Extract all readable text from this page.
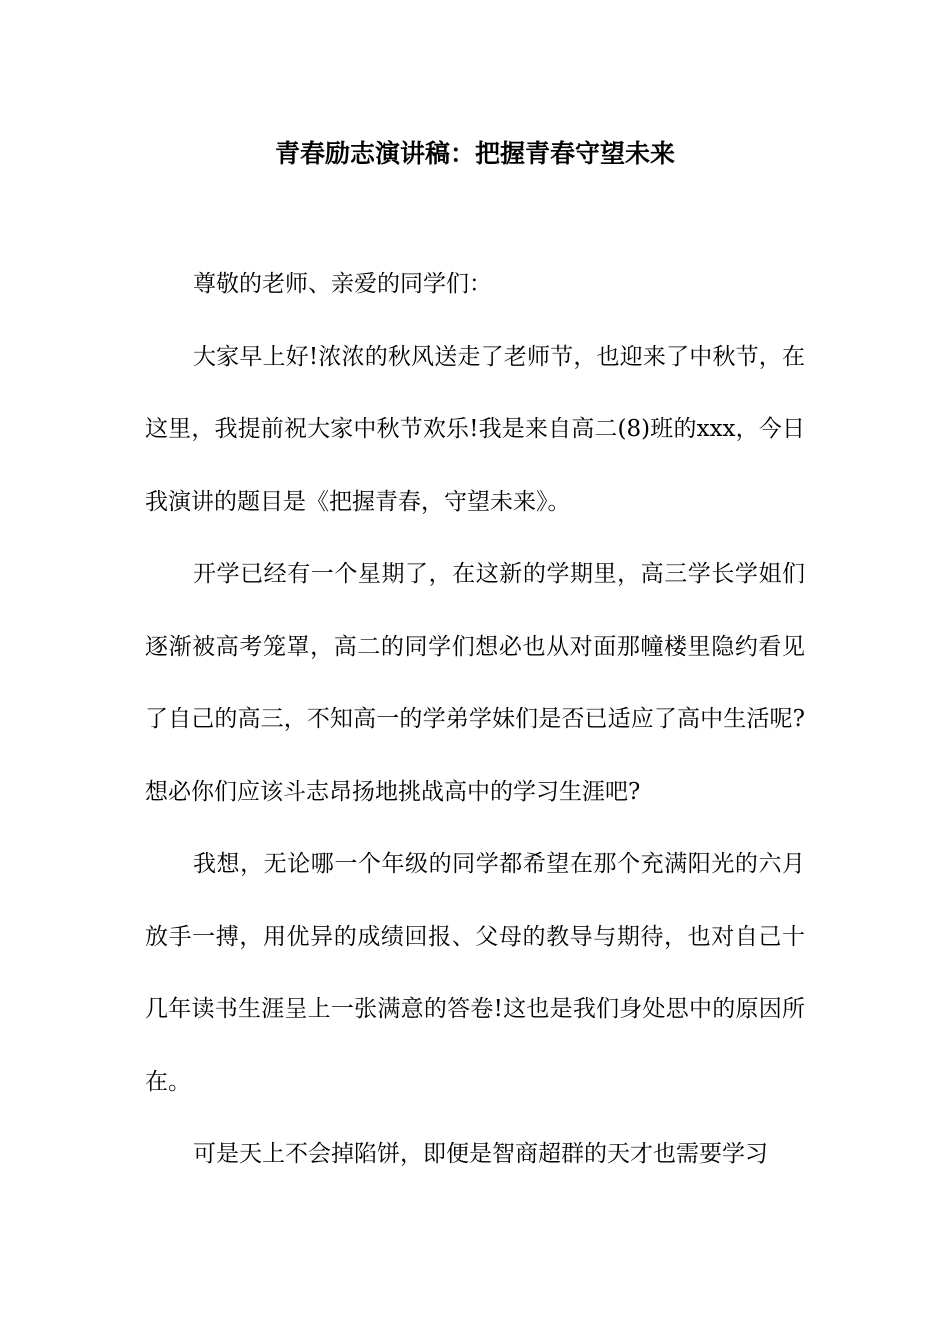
青春励志演讲稿：把握青春守望未来

尊敬的老师、亲爱的同学们：

大家早上好!浓浓的秋风送走了老师节，也迎来了中秋节，在这里，我提前祝大家中秋节欢乐!我是来自高二(8)班的xxx，今日我演讲的题目是《把握青春，守望未来》。

开学已经有一个星期了，在这新的学期里，高三学长学姐们逐渐被高考笼罩，高二的同学们想必也从对面那幢楼里隐约看见了自己的高三，不知高一的学弟学妹们是否已适应了高中生活呢?想必你们应该斗志昂扬地挑战高中的学习生涯吧?

我想，无论哪一个年级的同学都希望在那个充满阳光的六月放手一搏，用优异的成绩回报、父母的教导与期待，也对自己十几年读书生涯呈上一张满意的答卷!这也是我们身处思中的原因所在。

可是天上不会掉陷饼，即便是智商超群的天才也需要学习
